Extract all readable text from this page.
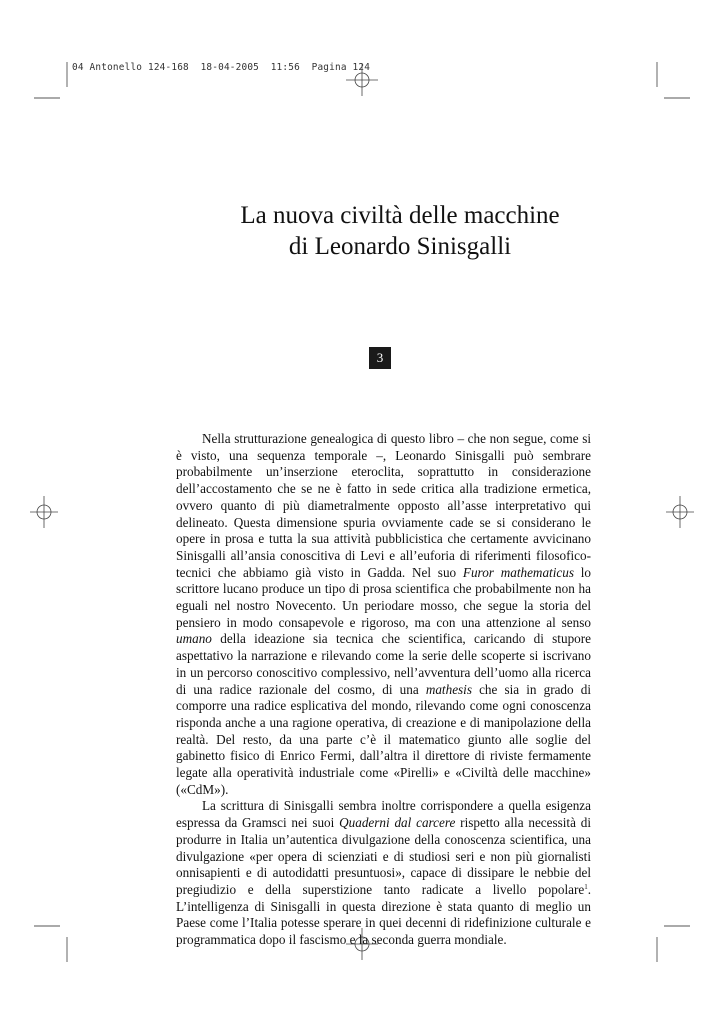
04 Antonello 124-168  18-04-2005  11:56  Pagina 124
La nuova civiltà delle macchine
di Leonardo Sinisgalli
3

Nella strutturazione genealogica di questo libro – che non segue, come si è visto, una sequenza temporale –, Leonardo Sinisgalli può sembrare probabilmente un’inserzione eteroclita, soprattutto in considerazione dell’accostamento che se ne è fatto in sede critica alla tradizione ermetica, ovvero quanto di più diametralmente opposto all’asse interpretativo qui delineato. Questa dimensione spuria ovviamente cade se si considerano le opere in prosa e tutta la sua attività pubblicistica che certamente avvicinano Sinisgalli all’ansia conoscitiva di Levi e all’euforia di riferimenti filosofico-tecnici che abbiamo già visto in Gadda. Nel suo Furor mathematicus lo scrittore lucano produce un tipo di prosa scientifica che probabilmente non ha eguali nel nostro Novecento. Un periodare mosso, che segue la storia del pensiero in modo consapevole e rigoroso, ma con una attenzione al senso umano della ideazione sia tecnica che scientifica, caricando di stupore aspettativo la narrazione e rilevando come la serie delle scoperte si iscrivano in un percorso conoscitivo complessivo, nell’avventura dell’uomo alla ricerca di una radice razionale del cosmo, di una mathesis che sia in grado di comporre una radice esplicativa del mondo, rilevando come ogni conoscenza risponda anche a una ragione operativa, di creazione e di manipolazione della realtà. Del resto, da una parte c’è il matematico giunto alle soglie del gabinetto fisico di Enrico Fermi, dall’altra il direttore di riviste fermamente legate alla operatività industriale come «Pirelli» e «Civiltà delle macchine» («CdM»).

La scrittura di Sinisgalli sembra inoltre corrispondere a quella esigenza espressa da Gramsci nei suoi Quaderni dal carcere rispetto alla necessità di produrre in Italia un’autentica divulgazione della conoscenza scientifica, una divulgazione «per opera di scienziati e di studiosi seri e non più giornalisti onnisapienti e di autodidatti presuntuosi», capace di dissipare le nebbie del pregiudizio e della superstizione tanto radicate a livello popolare$^1$. L’intelligenza di Sinisgalli in questa direzione è stata quanto di meglio un Paese come l’Italia potesse sperare in quei decenni di ridefinizione culturale e programmatica dopo il fascismo e la seconda guerra mondiale.
